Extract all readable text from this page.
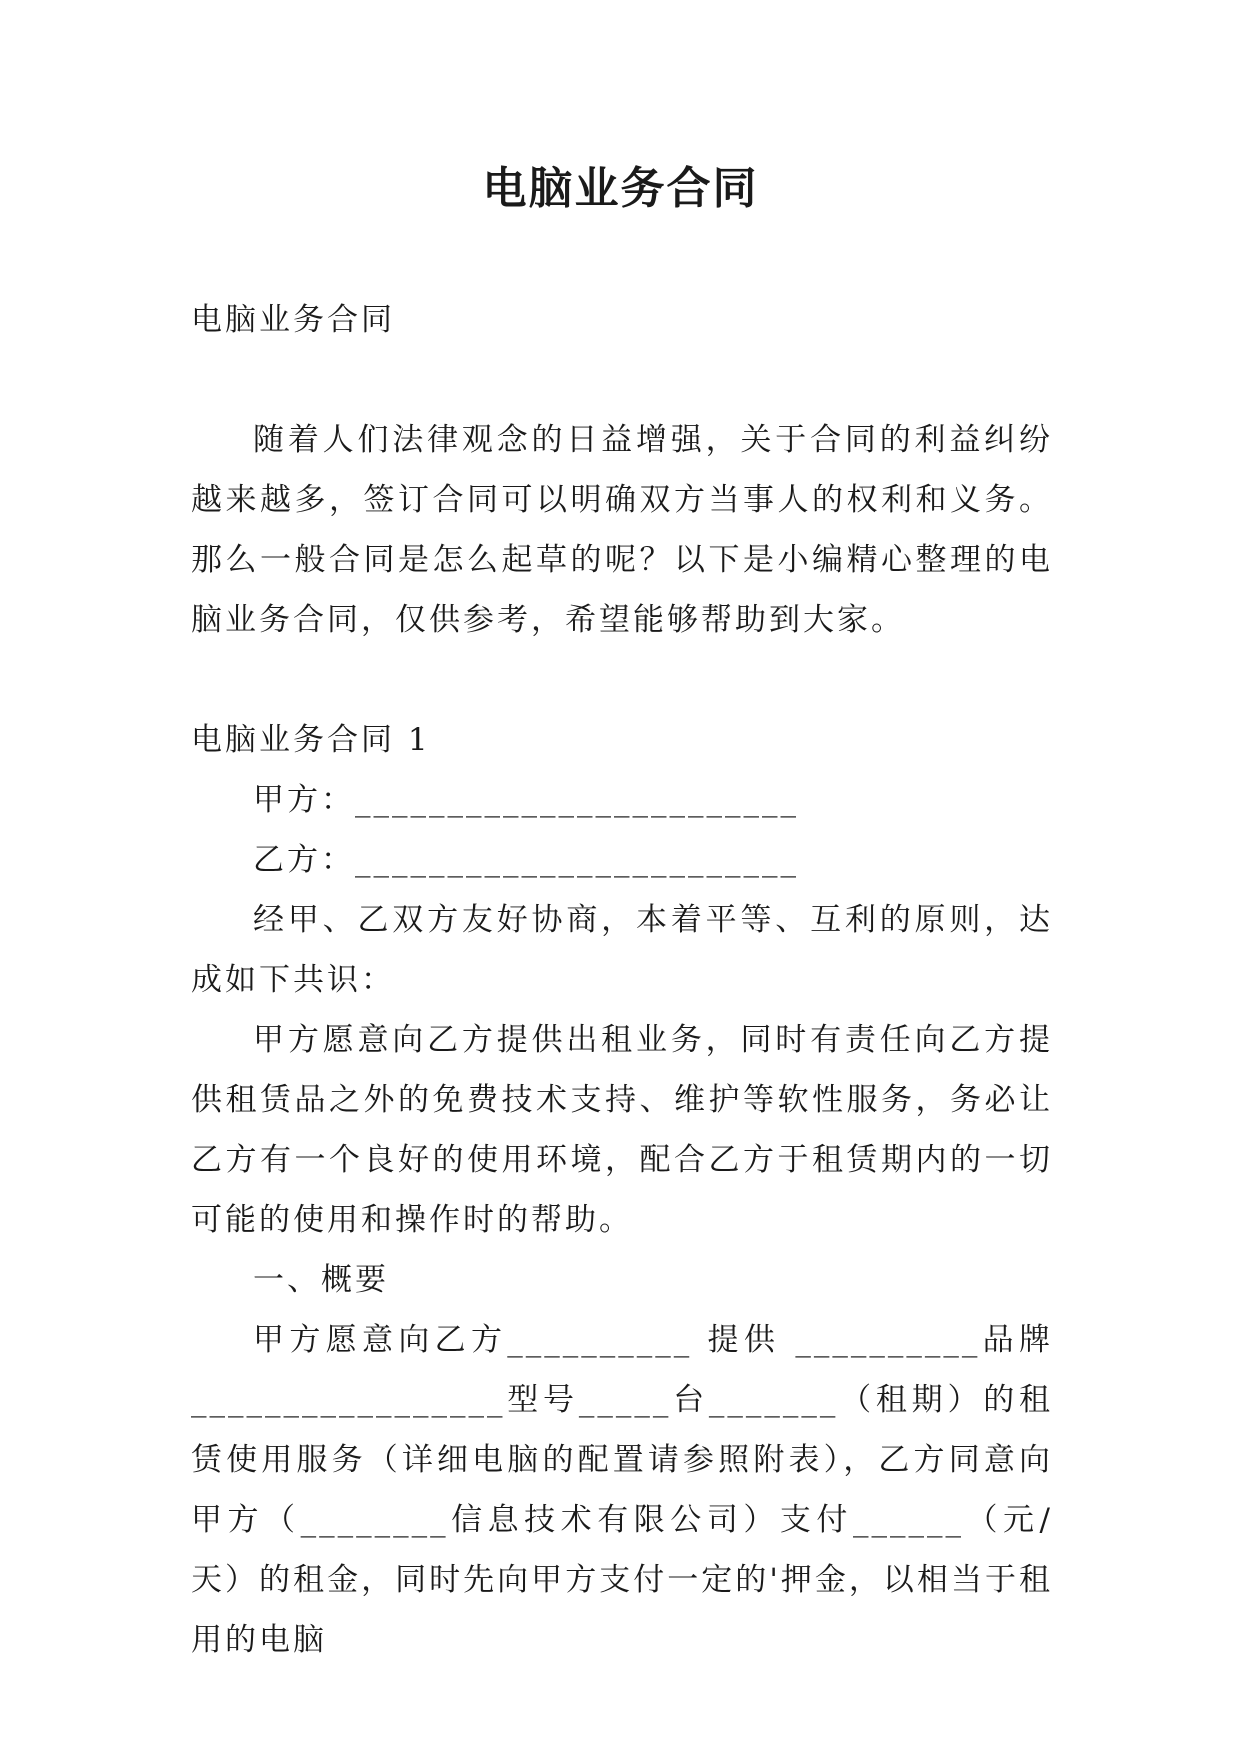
电脑业务合同

电脑业务合同

随着人们法律观念的日益增强，关于合同的利益纠纷越来越多，签订合同可以明确双方当事人的权利和义务。那么一般合同是怎么起草的呢？以下是小编精心整理的电脑业务合同，仅供参考，希望能够帮助到大家。

电脑业务合同 1

甲方：________________________

乙方：________________________

经甲、乙双方友好协商，本着平等、互利的原则，达成如下共识：

甲方愿意向乙方提供出租业务，同时有责任向乙方提供租赁品之外的免费技术支持、维护等软性服务，务必让乙方有一个良好的使用环境，配合乙方于租赁期内的一切可能的使用和操作时的帮助。

一、概要

甲方愿意向乙方__________ 提供 __________品牌_________________型号_____台_______（租期）的租赁使用服务（详细电脑的配置请参照附表），乙方同意向甲方（________信息技术有限公司）支付______（元/天）的租金，同时先向甲方支付一定的'押金，以相当于租用的电脑
